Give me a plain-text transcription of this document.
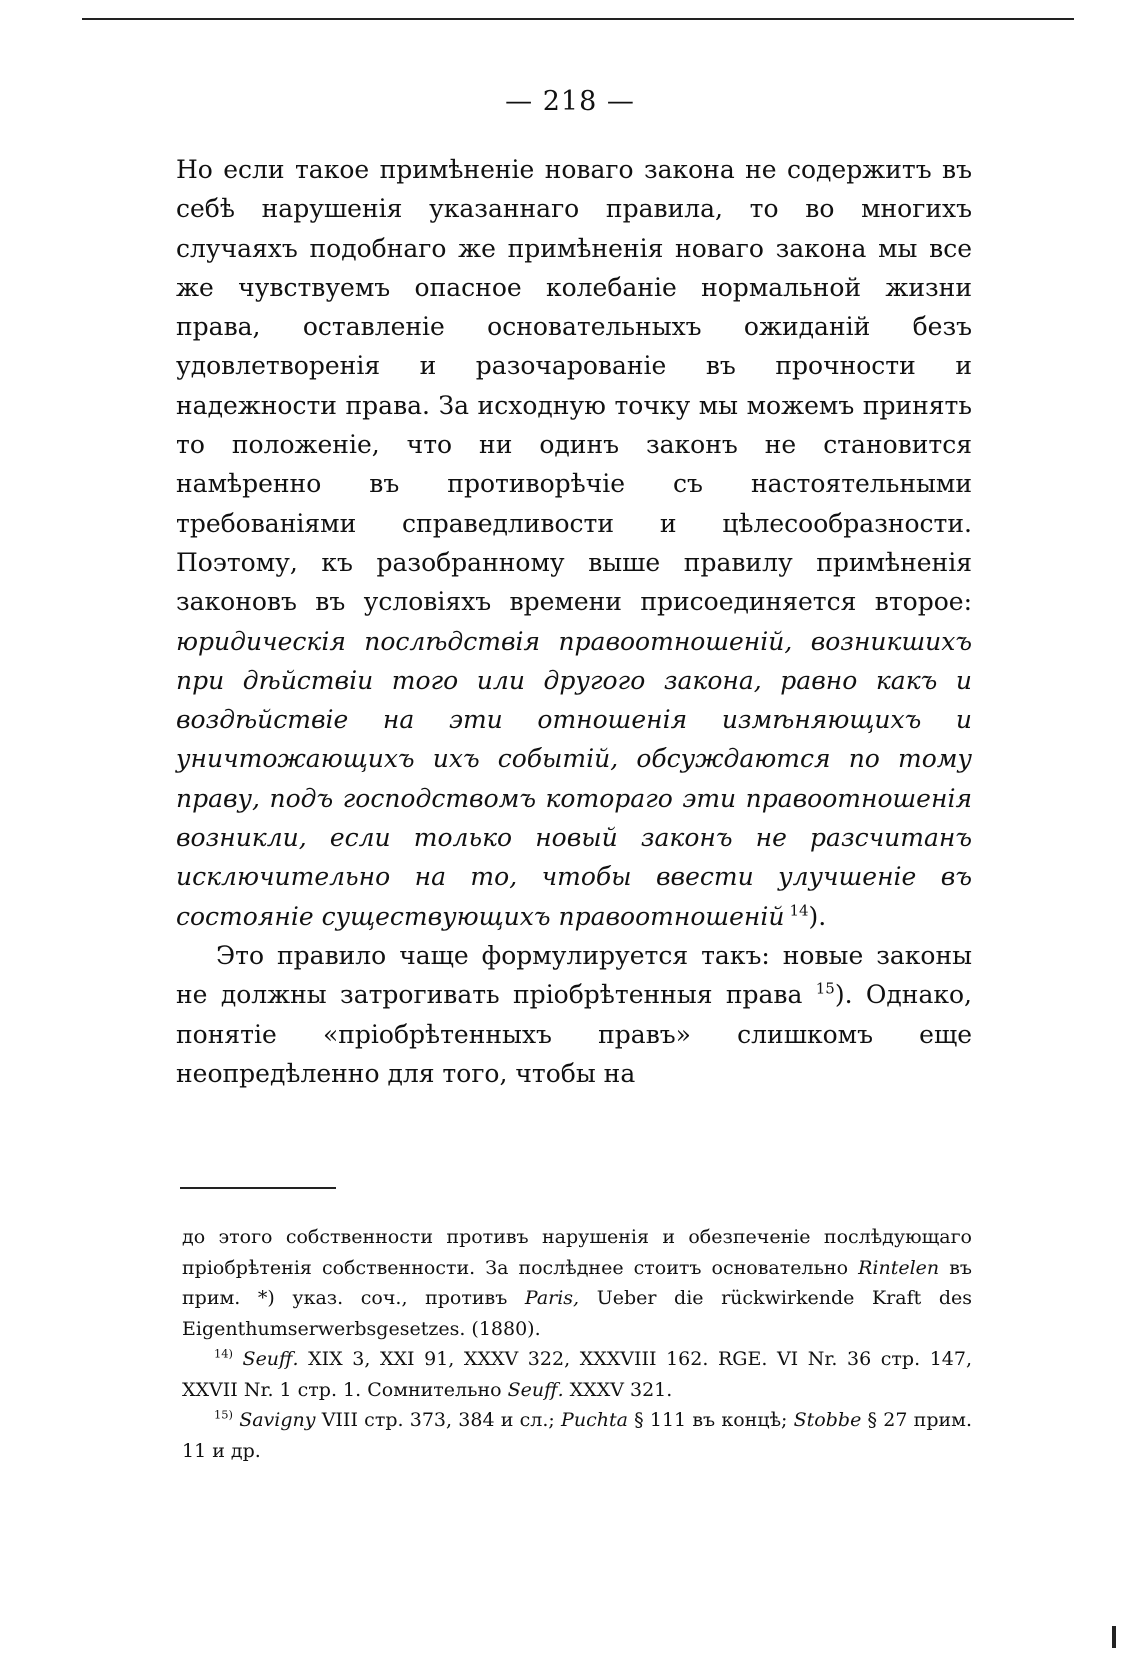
— 218 —

Но если такое примѣненіе новаго закона не содержитъ въ себѣ нарушенія указаннаго правила, то во многихъ случаяхъ подобнаго же примѣненія новаго закона мы все же чувствуемъ опасное колебаніе нормальной жизни права, оставленіе основательныхъ ожиданій безъ удовлетворенія и разочарованіе въ прочности и надежности права. За исходную точку мы можемъ принять то положеніе, что ни одинъ законъ не становится намѣренно въ противорѣчіе съ настоятельными требованіями справедливости и цѣлесообразности. Поэтому, къ разобранному выше правилу примѣненія законовъ въ условіяхъ времени присоединяется второе: юридическія послѣдствія правоотношеній, возникшихъ при дѣйствіи того или другого закона, равно какъ и воздѣйствіе на эти отношенія измѣняющихъ и уничтожающихъ ихъ событій, обсуждаются по тому праву, подъ господствомъ котораго эти правоотношенія возникли, если только новый законъ не разсчитанъ исключительно на то, чтобы ввести улучшеніе въ состояніе существующихъ правоотношеній  $^{14}$).

Это правило чаще формулируется такъ: новые законы не должны затрогивать пріобрѣтенныя права $^{15}$). Однако, понятіе «пріобрѣтенныхъ правъ» слишкомъ еще неопредѣленно для того, чтобы на

до этого собственности противъ нарушенія и обезпеченіе послѣдующаго пріобрѣтенія собственности. За послѣднее стоитъ основательно Rintelen въ прим. *) указ. соч., противъ Paris, Ueber die rückwirkende Kraft des Eigenthumserwerbsgesetzes. (1880).

$^{14)}$ Seuff. XIX 3, XXI 91, XXXV 322, XXXVIII 162. RGE. VI Nr. 36 стр. 147, XXVII Nr. 1 стр. 1. Сомнительно Seuff. XXXV 321.

$^{15)}$ Savigny VIII стр. 373, 384 и сл.; Puchta § 111 въ концѣ; Stobbe § 27 прим. 11 и др.
